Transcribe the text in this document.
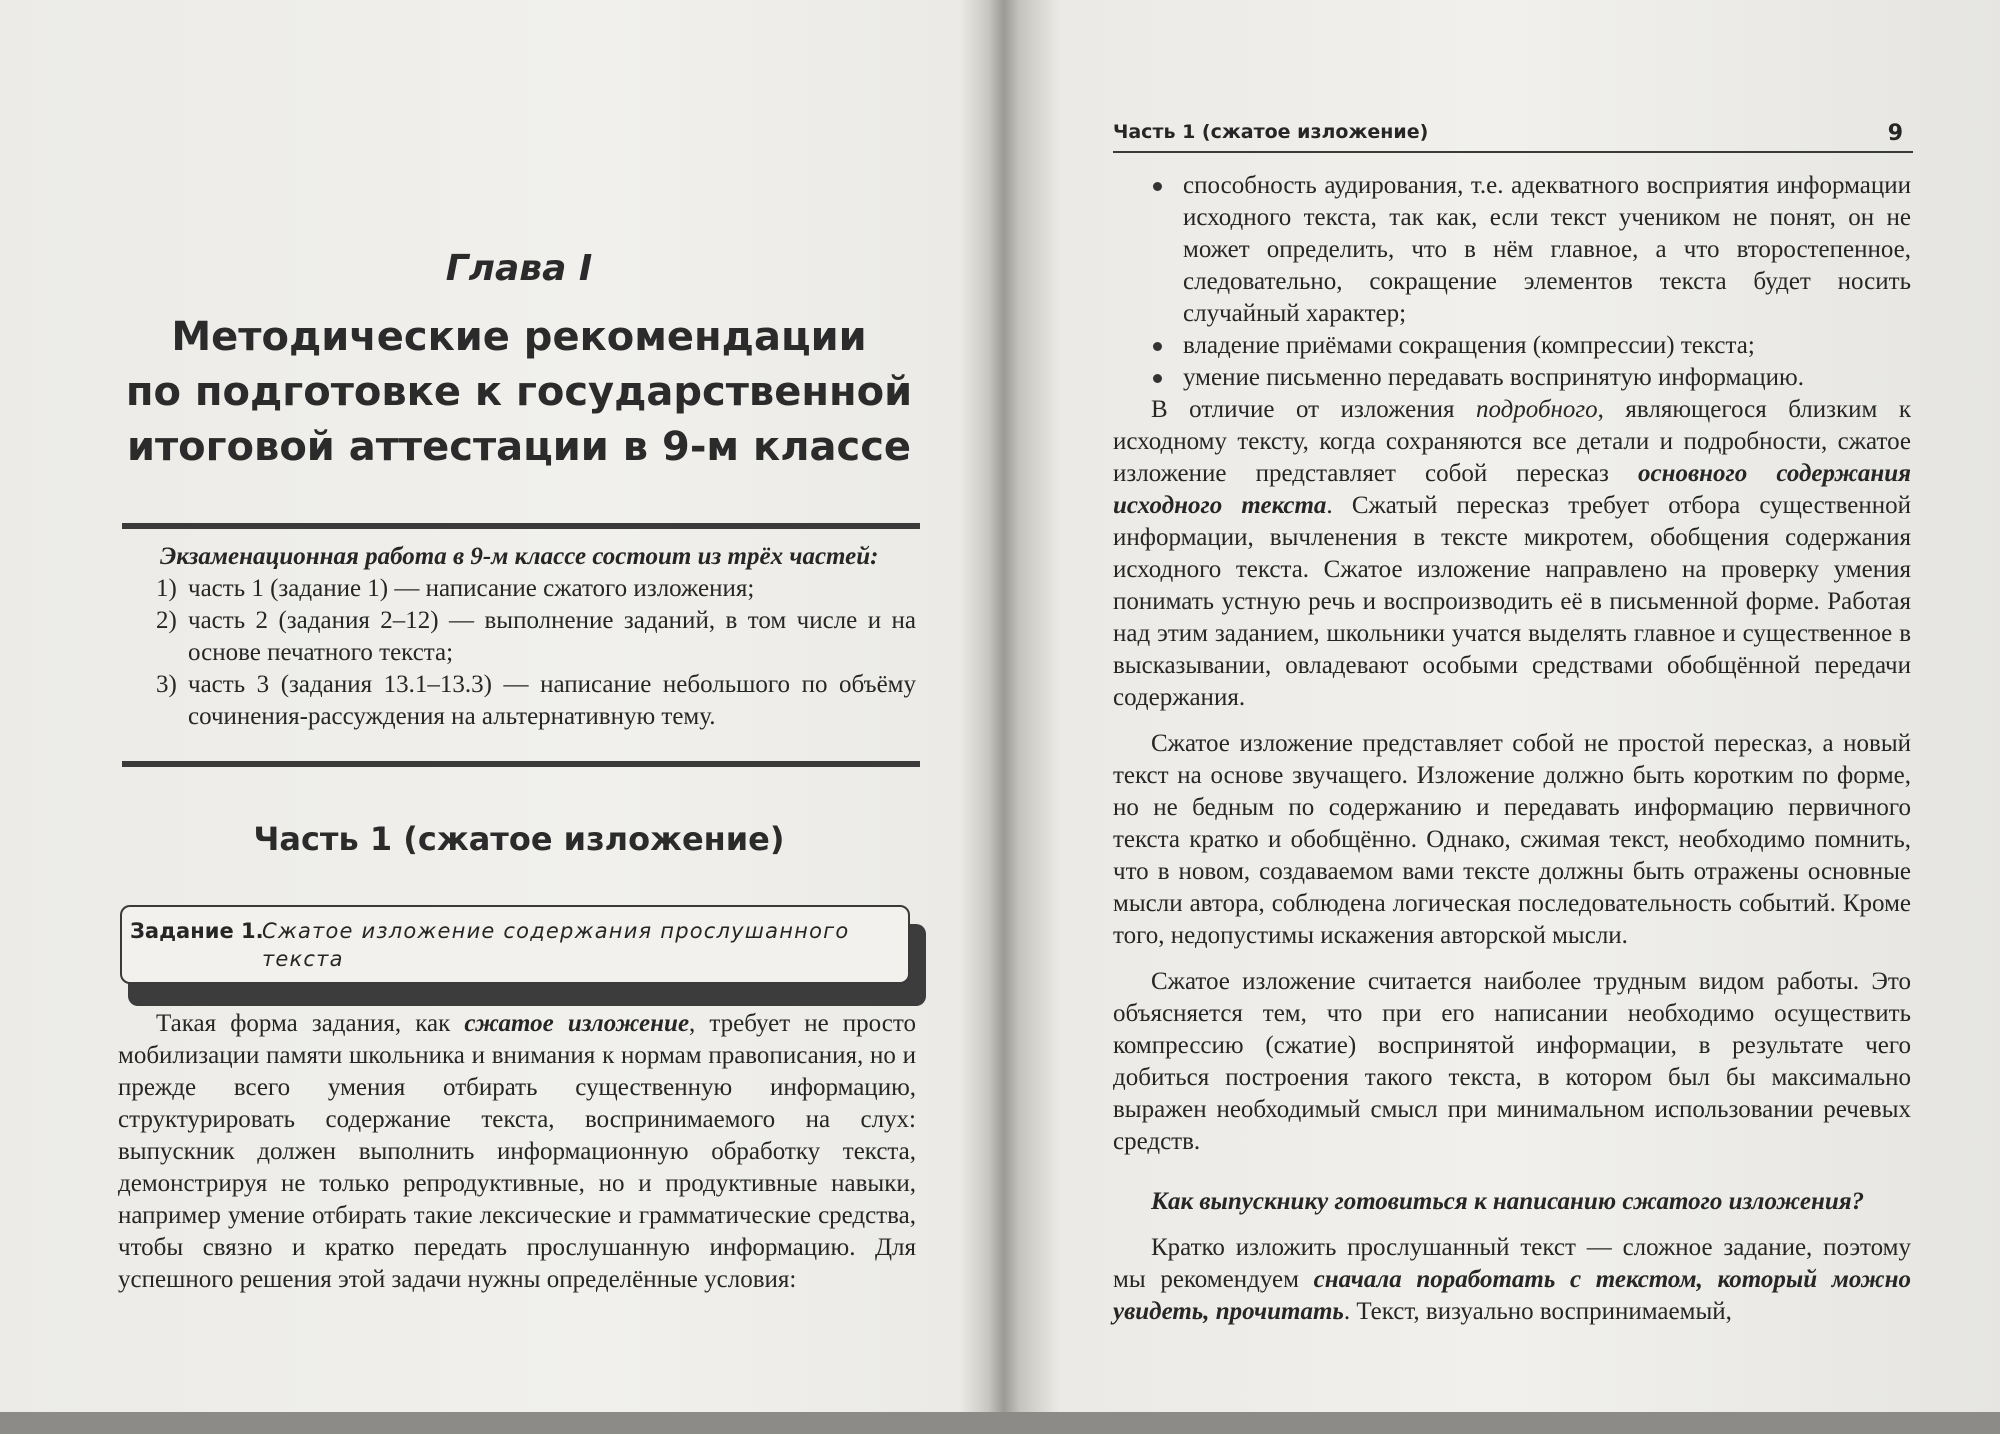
Глава I
Методические рекомендации
по подготовке к государственной
итоговой аттестации в 9-м классе
Экзаменационная работа в 9-м классе состоит из трёх частей:
1) часть 1 (задание 1) — написание сжатого изложения;
2) часть 2 (задания 2–12) — выполнение заданий, в том числе и на основе печатного текста;
3) часть 3 (задания 13.1–13.3) — написание небольшого по объёму сочинения-рассуждения на альтернативную тему.
Часть 1 (сжатое изложение)
Задание 1.
Сжатое изложение содержания прослушанного текста
Такая форма задания, как сжатое изложение, требует не просто мобилизации памяти школьника и внимания к нормам правописания, но и прежде всего умения отбирать существенную информацию, структурировать содержание текста, воспринимаемого на слух: выпускник должен выполнить информационную обработку текста, демонстрируя не только репродуктивные, но и продуктивные навыки, например умение отбирать такие лексические и грамматические средства, чтобы связно и кратко передать прослушанную информацию. Для успешного решения этой задачи нужны определённые условия:
Часть 1 (сжатое изложение)	9
способность аудирования, т.е. адекватного восприятия информации исходного текста, так как, если текст учеником не понят, он не может определить, что в нём главное, а что второстепенное, следовательно, сокращение элементов текста будет носить случайный характер;
владение приёмами сокращения (компрессии) текста;
умение письменно передавать воспринятую информацию.
В отличие от изложения подробного, являющегося близким к исходному тексту, когда сохраняются все детали и подробности, сжатое изложение представляет собой пересказ основного содержания исходного текста. Сжатый пересказ требует отбора существенной информации, вычленения в тексте микротем, обобщения содержания исходного текста. Сжатое изложение направлено на проверку умения понимать устную речь и воспроизводить её в письменной форме. Работая над этим заданием, школьники учатся выделять главное и существенное в высказывании, овладевают особыми средствами обобщённой передачи содержания.
Сжатое изложение представляет собой не простой пересказ, а новый текст на основе звучащего. Изложение должно быть коротким по форме, но не бедным по содержанию и передавать информацию первичного текста кратко и обобщённо. Однако, сжимая текст, необходимо помнить, что в новом, создаваемом вами тексте должны быть отражены основные мысли автора, соблюдена логическая последовательность событий. Кроме того, недопустимы искажения авторской мысли.
Сжатое изложение считается наиболее трудным видом работы. Это объясняется тем, что при его написании необходимо осуществить компрессию (сжатие) воспринятой информации, в результате чего добиться построения такого текста, в котором был бы максимально выражен необходимый смысл при минимальном использовании речевых средств.
Как выпускнику готовиться к написанию сжатого изложения?
Кратко изложить прослушанный текст — сложное задание, поэтому мы рекомендуем сначала поработать с текстом, который можно увидеть, прочитать. Текст, визуально воспринимаемый,
